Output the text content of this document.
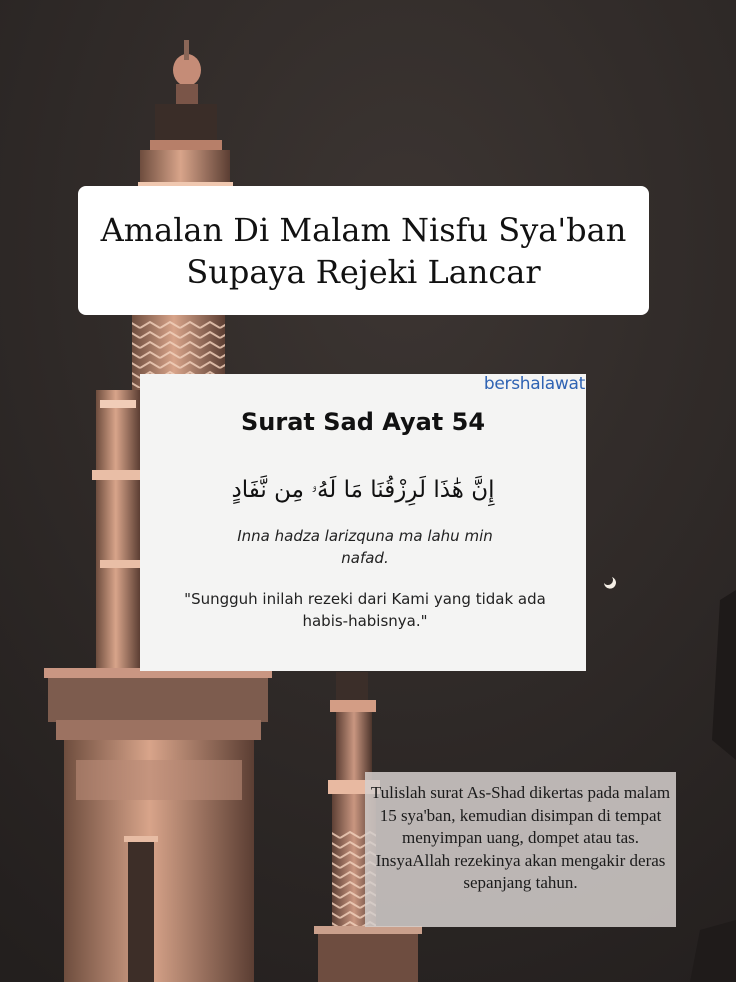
Amalan Di Malam Nisfu Sya'ban
Supaya Rejeki Lancar
bershalawat
Surat Sad Ayat 54
إِنَّ هَٰذَا لَرِزْقُنَا مَا لَهُۥ مِن نَّفَادٍ
Inna hadza larizquna ma lahu min nafad.
"Sungguh inilah rezeki dari Kami yang tidak ada habis-habisnya."
Tulislah surat As-Shad dikertas pada malam 15 sya'ban, kemudian disimpan di tempat menyimpan uang, dompet atau tas. InsyaAllah rezekinya akan mengakir deras sepanjang tahun.
